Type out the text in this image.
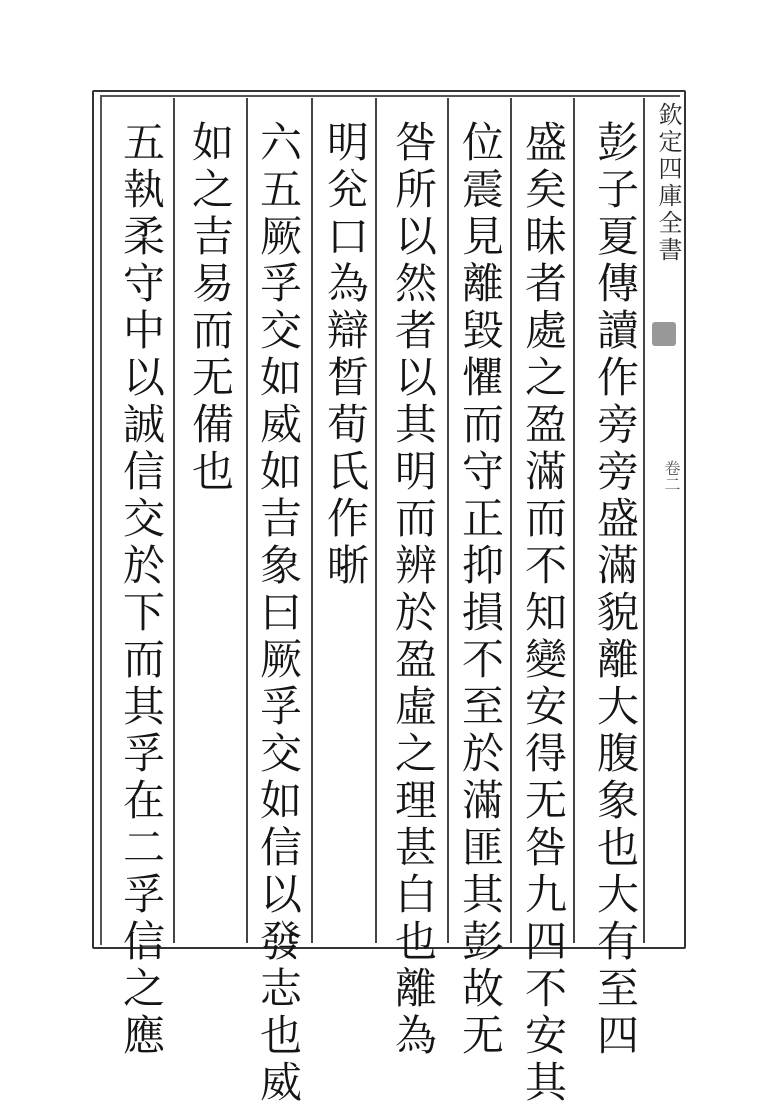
欽定四庫全書
卷二
彭子夏傳讀作旁旁盛滿貌離大腹象也大有至四
盛矣昧者處之盈滿而不知變安得无咎九四不安其
位震見離毀懼而守正抑損不至於滿匪其彭故无
咎所以然者以其明而辨於盈虛之理甚白也離為
明兊口為辯晳荀氏作晣
六五厥孚交如威如吉象曰厥孚交如信以發志也威
如之吉易而无備也
五執柔守中以誠信交於下而其孚在二孚信之應
